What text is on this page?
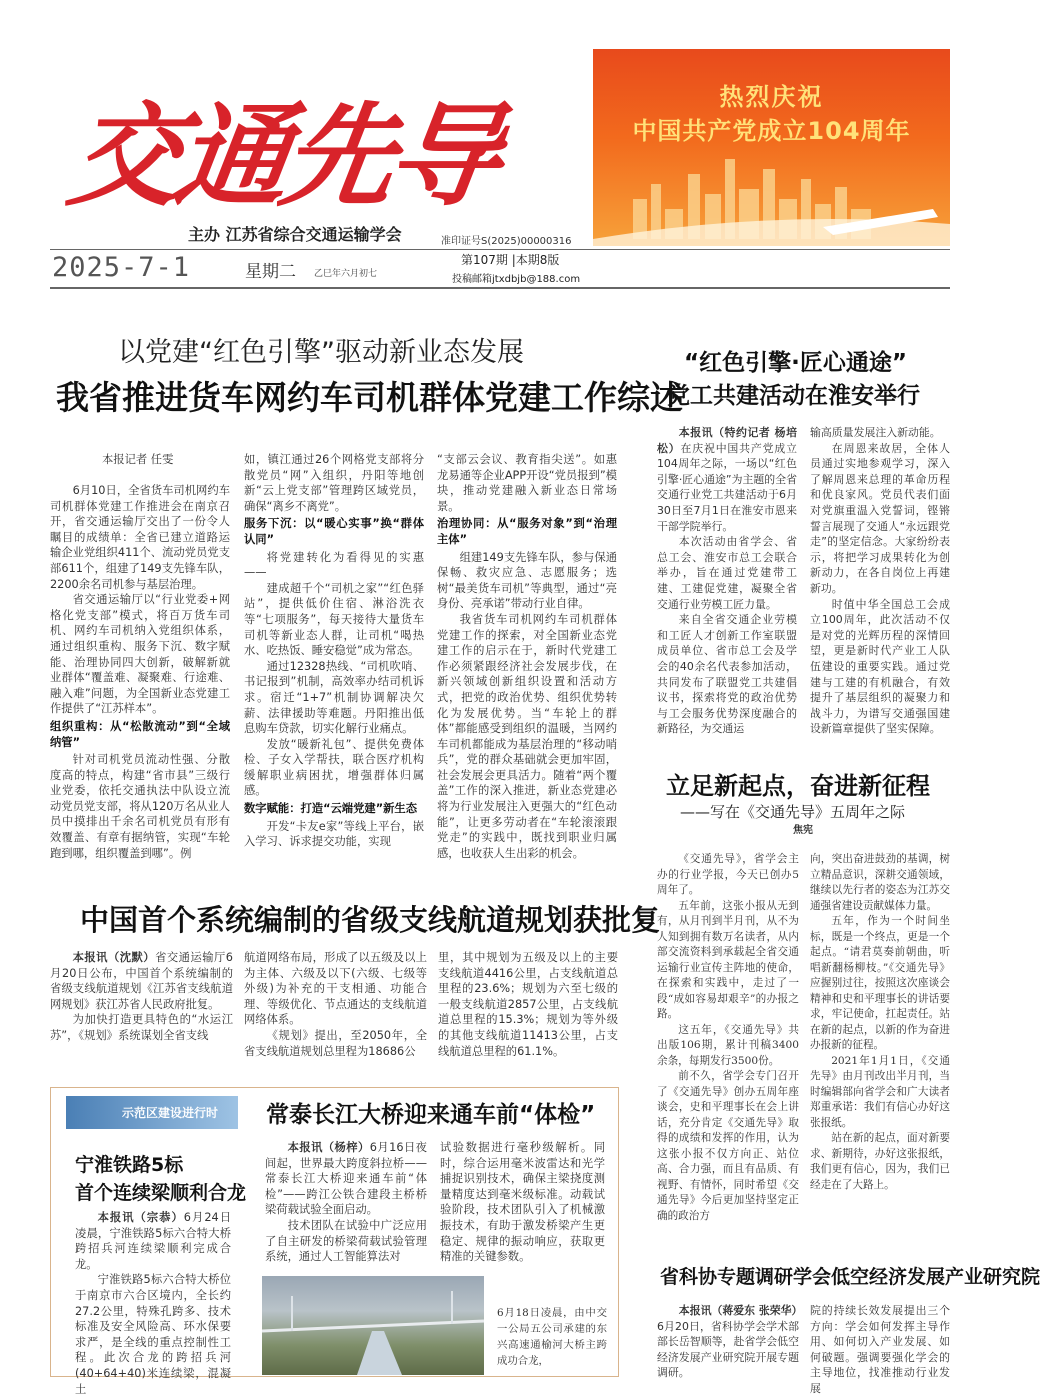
交通先导
主办 江苏省综合交通运输学会	准印证号S(2025)00000316
热烈庆祝
中国共产党成立104周年
2025-7-1	星期二 乙巳年六月初七
第107期 |本期8版
投稿邮箱jtxdbjb@188.com
以党建“红色引擎”驱动新业态发展
我省推进货车网约车司机群体党建工作综述
本报记者 任雯

6月10日，全省货车司机网约车司机群体党建工作推进会在南京召开，省交通运输厅交出了一份令人瞩目的成绩单：全省已建立道路运输企业党组织411个、流动党员党支部611个，组建了149支先锋车队，2200余名司机参与基层治理。

省交通运输厅以“行业党委+网格化党支部”模式，将百万货车司机、网约车司机纳入党组织体系，通过组织重构、服务下沉、数字赋能、治理协同四大创新，破解新就业群体“覆盖难、凝聚难、行途难、融入难”问题，为全国新业态党建工作提供了“江苏样本”。

组织重构：从“松散流动”到“全域纳管”

针对司机党员流动性强、分散度高的特点，构建“省市县”三级行业党委，依托交通执法中队设立流动党员党支部，将从120万名从业人员中摸排出千余名司机党员有形有效覆盖、有章有据纳管，实现“车轮跑到哪，组织覆盖到哪”。例

如，镇江通过26个网格党支部将分散党员“网”入组织，丹阳等地创新“云上党支部”管理跨区域党员，确保“离乡不离党”。

服务下沉：以“暖心实事”换“群体认同”

将党建转化为看得见的实惠——

建成超千个“司机之家”“红色驿站”，提供低价住宿、淋浴洗衣等“七项服务”，每天接待大量货车司机等新业态人群，让司机“喝热水、吃热饭、睡安稳觉”成为常态。

通过12328热线、“司机吹哨、书记报到”机制，高效率办结司机诉求。宿迁“1+7”机制协调解决欠薪、法律援助等难题。丹阳推出低息购车贷款，切实化解行业痛点。

发放“暖新礼包”、提供免费体检、子女入学帮扶，联合医疗机构缓解职业病困扰，增强群体归属感。

数字赋能：打造“云端党建”新生态

开发“卡友e家”等线上平台，嵌入学习、诉求提交功能，实现

“支部云会议、教育指尖送”。如惠龙易通等企业APP开设“党员报到”模块，推动党建融入新业态日常场景。

治理协同：从“服务对象”到“治理主体”

组建149支先锋车队，参与保通保畅、救灾应急、志愿服务；选树“最美货车司机”等典型，通过“亮身份、亮承诺”带动行业自律。

我省货车司机网约车司机群体党建工作的探索，对全国新业态党建工作的启示在于，新时代党建工作必须紧跟经济社会发展步伐，在新兴领域创新组织设置和活动方式，把党的政治优势、组织优势转化为发展优势。当“车轮上的群体”都能感受到组织的温暖，当网约车司机都能成为基层治理的“移动哨兵”，党的群众基础就会更加牢固，社会发展会更具活力。随着“两个覆盖”工作的深入推进，新业态党建必将为行业发展注入更强大的“红色动能”，让更多劳动者在“车轮滚滚跟党走”的实践中，既找到职业归属感，也收获人生出彩的机会。

“红色引擎·匠心通途”
党工共建活动在淮安举行

本报讯（特约记者 杨培松）在庆祝中国共产党成立104周年之际，一场以“红色引擎·匠心通途”为主题的全省交通行业党工共建活动于6月30日至7月1日在淮安市恩来干部学院举行。

本次活动由省学会、省总工会、淮安市总工会联合举办，旨在通过党建带工建、工建促党建，凝聚全省交通行业劳模工匠力量。

来自全省交通企业劳模和工匠人才创新工作室联盟成员单位、省市总工会及学会的40余名代表参加活动，共同发布了联盟党工共建倡议书，探索将党的政治优势与工会服务优势深度融合的新路径，为交通运

输高质量发展注入新动能。

在周恩来故居，全体人员通过实地参观学习，深入了解周恩来总理的革命历程和优良家风。党员代表们面对党旗重温入党誓词，铿锵誓言展现了交通人“永远跟党走”的坚定信念。大家纷纷表示，将把学习成果转化为创新动力，在各自岗位上再建新功。

时值中华全国总工会成立100周年，此次活动不仅是对党的光辉历程的深情回望，更是新时代产业工人队伍建设的重要实践。通过党建与工建的有机融合，有效提升了基层组织的凝聚力和战斗力，为谱写交通强国建设新篇章提供了坚实保障。

中国首个系统编制的省级支线航道规划获批复

本报讯（沈默）省交通运输厅6月20日公布，中国首个系统编制的省级支线航道规划《江苏省支线航道网规划》获江苏省人民政府批复。

为加快打造更具特色的“水运江苏”，《规划》系统谋划全省支线

航道网络布局，形成了以五级及以上为主体、六级及以下(六级、七级等外级)为补充的干支相通、功能合理、等级优化、节点通达的支线航道网络体系。

《规划》提出，至2050年，全省支线航道规划总里程为18686公

里，其中规划为五级及以上的主要支线航道4416公里，占支线航道总里程的23.6%；规划为六至七级的一般支线航道2857公里，占支线航道总里程的15.3%；规划为等外级的其他支线航道11413公里，占支线航道总里程的61.1%。

立足新起点，奋进新征程
——写在《交通先导》五周年之际
焦宪

《交通先导》，省学会主办的行业学报，今天已创办5周年了。

五年前，这张小报从无到有，从月刊到半月刊，从不为人知到拥有数万名读者，从内部交流资料到承载起全省交通运输行业宣传主阵地的使命，在探索和实践中，走过了一段“成如容易却艰辛”的办报之路。

这五年，《交通先导》共出版106期，累计刊稿3400余条，每期发行3500份。

前不久，省学会专门召开了《交通先导》创办五周年座谈会，史和平理事长在会上讲话，充分肯定《交通先导》取得的成绩和发挥的作用，认为这张小报不仅方向正、站位高、合力强，而且有品质、有视野、有情怀，同时希望《交通先导》今后更加坚持坚定正确的政治方

向，突出奋进鼓劲的基调，树立精品意识，深耕交通领域，继续以先行者的姿态为江苏交通强省建设贡献媒体力量。

五年，作为一个时间坐标，既是一个终点，更是一个起点。“请君莫奏前朝曲，听唱新翻杨柳枝。”《交通先导》应握别过往，按照这次座谈会精神和史和平理事长的讲话要求，牢记使命，扛起责任。站在新的起点，以新的作为奋进办报新的征程。

2021年1月1日，《交通先导》由月刊改出半月刊，当时编辑部向省学会和广大读者郑重承诺：我们有信心办好这张报纸。

站在新的起点，面对新要求、新期待，办好这张报纸，我们更有信心，因为，我们已经走在了大路上。

示范区建设进行时
宁淮铁路5标
首个连续梁顺利合龙

本报讯（宗恭）6月24日凌晨，宁淮铁路5标六合特大桥跨招兵河连续梁顺利完成合龙。

宁淮铁路5标六合特大桥位于南京市六合区境内，全长约27.2公里，特殊孔跨多、技术标准及安全风险高、环水保要求严，是全线的重点控制性工程。此次合龙的跨招兵河(40+64+40)米连续梁，混凝土

常泰长江大桥迎来通车前“体检”

本报讯（杨梓）6月16日夜间起，世界最大跨度斜拉桥——常泰长江大桥迎来通车前“体检”——跨江公铁合建段主桥桥梁荷载试验全面启动。

技术团队在试验中广泛应用了自主研发的桥梁荷载试验管理系统，通过人工智能算法对

试验数据进行毫秒级解析。同时，综合运用毫米波雷达和光学捕捉识别技术，确保主梁挠度测量精度达到毫米级标准。动载试验阶段，技术团队引入了机械激振技术，有助于激发桥梁产生更稳定、规律的振动响应，获取更精准的关键参数。

6月18日凌晨，由中交一公局五公司承建的东兴高速通榆河大桥主跨成功合龙，
省科协专题调研学会低空经济发展产业研究院

本报讯（蒋爱东 张荣华）6月20日，省科协学会学术部部长岳智顺等，赴省学会低空经济发展产业研究院开展专题调研。

院的持续长效发展提出三个方向：学会如何发挥主导作用、如何切入产业发展、如何破题。强调要强化学会的主导地位，找准推动行业发展
